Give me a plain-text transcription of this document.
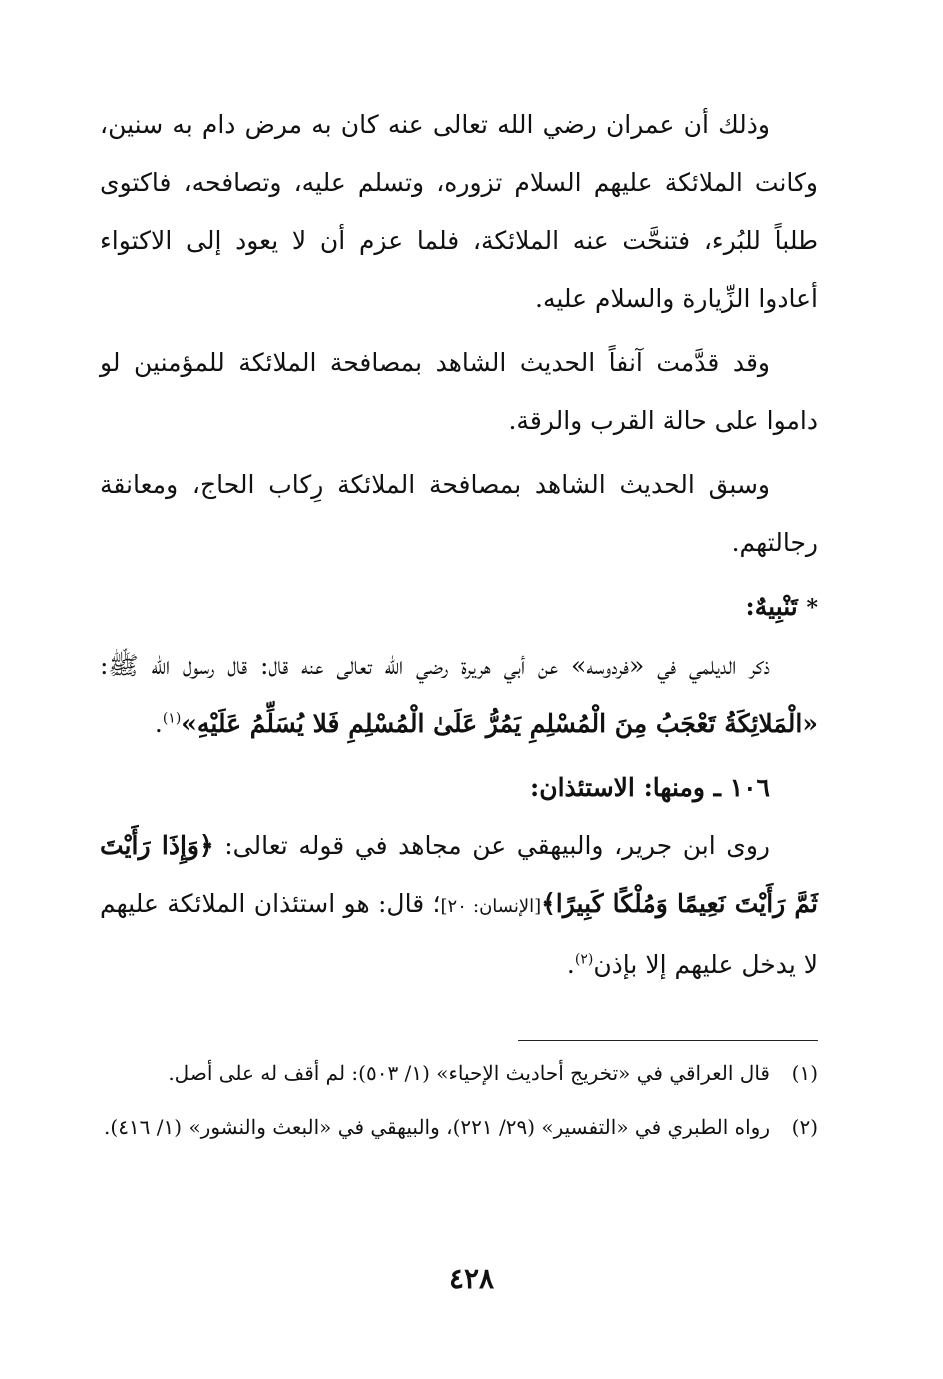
وذلك أن عمران رضي الله تعالى عنه كان به مرض دام به سنين، وكانت الملائكة عليهم السلام تزوره، وتسلم عليه، وتصافحه، فاكتوى طلباً للبُرء، فتنحَّت عنه الملائكة، فلما عزم أن لا يعود إلى الاكتواء أعادوا الزِّيارة والسلام عليه.

وقد قدَّمت آنفاً الحديث الشاهد بمصافحة الملائكة للمؤمنين لو داموا على حالة القرب والرقة.

وسبق الحديث الشاهد بمصافحة الملائكة رِكاب الحاج، ومعانقة رجالتهم.

* تَنْبِيهٌ:

ذكر الديلمي في «فردوسه» عن أبي هريرة رضي الله تعالى عنه قال: قال رسول الله ﷺ: «الْمَلائِكَةُ تَعْجَبُ مِنَ الْمُسْلِمِ يَمُرُّ عَلَىٰ الْمُسْلِمِ فَلا يُسَلِّمُ عَلَيْهِ»$^{(١)}$.

١٠٦ ـ ومنها: الاستئذان:

روى ابن جرير، والبيهقي عن مجاهد في قوله تعالى: ﴿وَإِذَا رَأَيْتَ ثَمَّ رَأَيْتَ نَعِيمًا وَمُلْكًا كَبِيرًا﴾[الإنسان: ٢٠]؛ قال: هو استئذان الملائكة عليهم لا يدخل عليهم إلا بإذن$^{(٢)}$.

(١)
قال العراقي في «تخريج أحاديث الإحياء» (١/ ٥٠٣): لم أقف له على أصل.
(٢)
رواه الطبري في «التفسير» (٢٩/ ٢٢١)، والبيهقي في «البعث والنشور» (١/ ٤١٦).
٤٢٨
